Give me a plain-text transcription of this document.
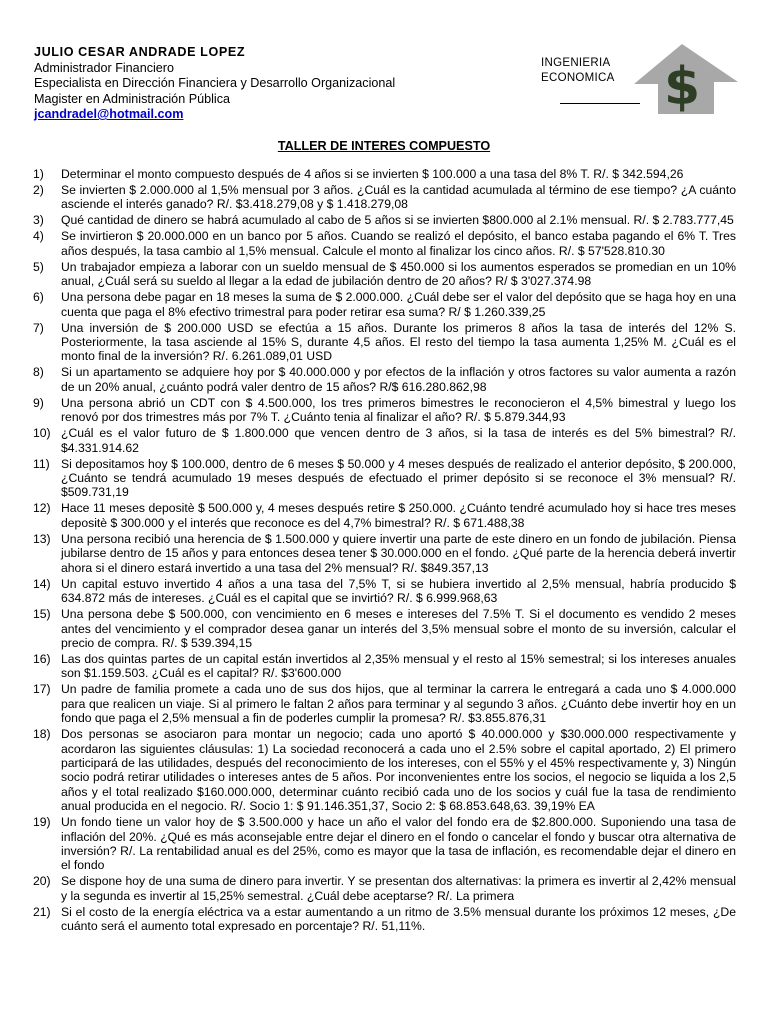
JULIO CESAR ANDRADE LOPEZ
Administrador Financiero
Especialista en Dirección Financiera y Desarrollo Organizacional
Magister en Administración Pública
jcandradel@hotmail.com
INGENIERIA
ECONOMICA $
TALLER DE INTERES COMPUESTO
1)	Determinar el monto compuesto después de 4 años si se invierten $ 100.000 a una tasa del 8% T. R/. $ 342.594,26
2)	Se invierten $ 2.000.000 al 1,5% mensual por 3 años. ¿Cuál es la cantidad acumulada al término de ese tiempo? ¿A cuánto asciende el interés ganado? R/. $3.418.279,08 y $ 1.418.279,08
3)	Qué cantidad de dinero se habrá acumulado al cabo de 5 años si se invierten $800.000 al 2.1% mensual. R/. $ 2.783.777,45
4)	Se invirtieron $ 20.000.000 en un banco por 5 años. Cuando se realizó el depósito, el banco estaba pagando el 6% T. Tres años después, la tasa cambio al 1,5% mensual. Calcule el monto al finalizar los cinco años. R/. $ 57'528.810.30
5)	Un trabajador empieza a laborar con un sueldo mensual de $ 450.000 si los aumentos esperados se promedian en un 10% anual, ¿Cuál será su sueldo al llegar a la edad de jubilación dentro de 20 años? R/ $ 3'027.374.98
6)	Una persona debe pagar en 18 meses la suma de $ 2.000.000. ¿Cuál debe ser el valor del depósito que se haga hoy en una cuenta que paga el 8% efectivo trimestral para poder retirar esa suma? R/ $ 1.260.339,25
7)	Una inversión de $ 200.000 USD se efectúa a 15 años. Durante los primeros 8 años la tasa de interés del 12% S. Posteriormente, la tasa asciende al 15% S, durante 4,5 años. El resto del tiempo la tasa aumenta 1,25% M. ¿Cuál es el monto final de la inversión? R/. 6.261.089,01 USD
8)	Si un apartamento se adquiere hoy por $ 40.000.000 y por efectos de la inflación y otros factores su valor aumenta a razón de un 20% anual, ¿cuánto podrá valer dentro de 15 años? R/$ 616.280.862,98
9)	Una persona abrió un CDT con $ 4.500.000, los tres primeros bimestres le reconocieron el 4,5% bimestral y luego los renovó por dos trimestres más por 7% T. ¿Cuánto tenia al finalizar el año? R/. $ 5.879.344,93
10) ¿Cuál es el valor futuro de $ 1.800.000 que vencen dentro de 3 años, si la tasa de interés es del 5% bimestral? R/. $4.331.914.62
11) Si depositamos hoy $ 100.000, dentro de 6 meses $ 50.000 y 4 meses después de realizado el anterior depósito, $ 200.000, ¿Cuánto se tendrá acumulado 19 meses después de efectuado el primer depósito si se reconoce el 3% mensual? R/. $509.731,19
12) Hace 11 meses depositè $ 500.000 y, 4 meses después retire $ 250.000. ¿Cuánto tendré acumulado hoy si hace tres meses depositè $ 300.000 y el interés que reconoce es del 4,7% bimestral? R/. $ 671.488,38
13) Una persona recibió una herencia de $ 1.500.000 y quiere invertir una parte de este dinero en un fondo de jubilación. Piensa jubilarse dentro de 15 años y para entonces desea tener $ 30.000.000 en el fondo. ¿Qué parte de la herencia deberá invertir ahora si el dinero estará invertido a una tasa del 2% mensual? R/. $849.357,13
14) Un capital estuvo invertido 4 años a una tasa del 7,5% T, si se hubiera invertido al 2,5% mensual, habría producido $ 634.872 más de intereses. ¿Cuál es el capital que se invirtió? R/. $ 6.999.968,63
15) Una persona debe $ 500.000, con vencimiento en 6 meses e intereses del 7.5% T. Si el documento es vendido 2 meses antes del vencimiento y el comprador desea ganar un interés del 3,5% mensual sobre el monto de su inversión, calcular el precio de compra. R/. $ 539.394,15
16) Las dos quintas partes de un capital están invertidos al 2,35% mensual y el resto al 15% semestral; si los intereses anuales son $1.159.503. ¿Cuál es el capital? R/. $3'600.000
17) Un padre de familia promete a cada uno de sus dos hijos, que al terminar la carrera le entregará a cada uno $ 4.000.000 para que realicen un viaje. Si al primero le faltan 2 años para terminar y al segundo 3 años. ¿Cuánto debe invertir hoy en un fondo que paga el 2,5% mensual a fin de poderles cumplir la promesa? R/. $3.855.876,31
18) Dos personas se asociaron para montar un negocio; cada uno aportó $ 40.000.000 y $30.000.000 respectivamente y acordaron las siguientes cláusulas: 1) La sociedad reconocerá a cada uno el 2.5% sobre el capital aportado, 2) El primero participará de las utilidades, después del reconocimiento de los intereses, con el 55% y el 45% respectivamente y, 3) Ningún socio podrá retirar utilidades o intereses antes de 5 años. Por inconvenientes entre los socios, el negocio se liquida a los 2,5 años y el total realizado $160.000.000, determinar cuánto recibió cada uno de los socios y cuál fue la tasa de rendimiento anual producida en el negocio. R/. Socio 1: $ 91.146.351,37, Socio 2: $ 68.853.648,63. 39,19% EA
19) Un fondo tiene un valor hoy de $ 3.500.000 y hace un año el valor del fondo era de $2.800.000. Suponiendo una tasa de inflación del 20%. ¿Qué es más aconsejable entre dejar el dinero en el fondo o cancelar el fondo y buscar otra alternativa de inversión? R/. La rentabilidad anual es del 25%, como es mayor que la tasa de inflación, es recomendable dejar el dinero en el fondo
20) Se dispone hoy de una suma de dinero para invertir. Y se presentan dos alternativas: la primera es invertir al 2,42% mensual y la segunda es invertir al 15,25% semestral. ¿Cuál debe aceptarse? R/. La primera
21) Si el costo de la energía eléctrica va a estar aumentando a un ritmo de 3.5% mensual durante los próximos 12 meses, ¿De cuánto será el aumento total expresado en porcentaje? R/. 51,11%.
